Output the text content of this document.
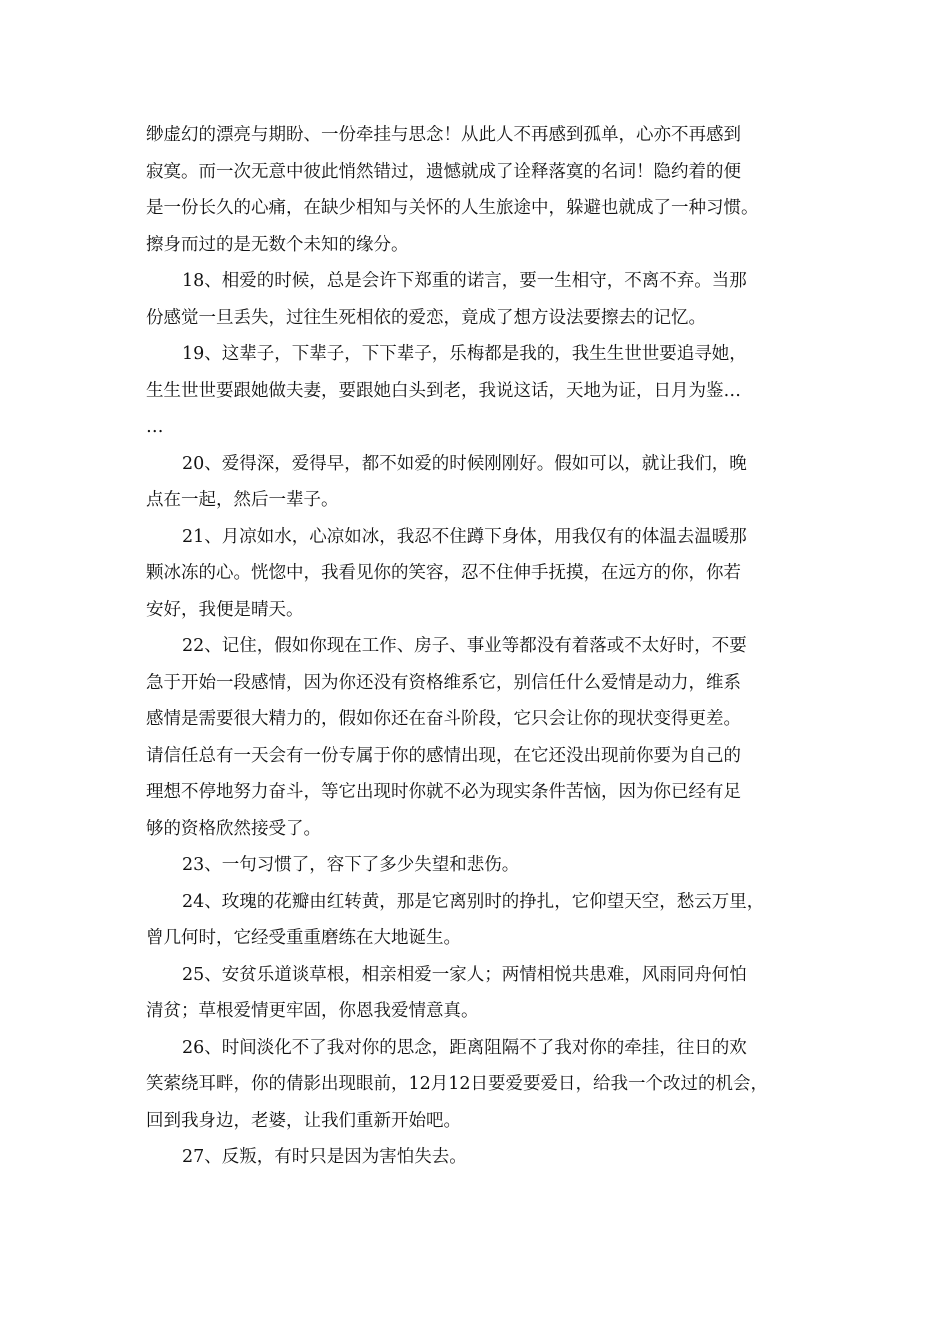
缈虚幻的漂亮与期盼、一份牵挂与思念！从此人不再感到孤单，心亦不再感到
寂寞。而一次无意中彼此悄然错过，遗憾就成了诠释落寞的名词！隐约着的便
是一份长久的心痛，在缺少相知与关怀的人生旅途中，躲避也就成了一种习惯。
擦身而过的是无数个未知的缘分。
18、相爱的时候，总是会许下郑重的诺言，要一生相守，不离不弃。当那
份感觉一旦丢失，过往生死相依的爱恋，竟成了想方设法要擦去的记忆。
19、这辈子，下辈子，下下辈子，乐梅都是我的，我生生世世要追寻她，
生生世世要跟她做夫妻，要跟她白头到老，我说这话，天地为证，日月为鉴…
…
20、爱得深，爱得早，都不如爱的时候刚刚好。假如可以，就让我们，晚
点在一起，然后一辈子。
21、月凉如水，心凉如冰，我忍不住蹲下身体，用我仅有的体温去温暖那
颗冰冻的心。恍惚中，我看见你的笑容，忍不住伸手抚摸，在远方的你，你若
安好，我便是晴天。
22、记住，假如你现在工作、房子、事业等都没有着落或不太好时，不要
急于开始一段感情，因为你还没有资格维系它，别信任什么爱情是动力，维系
感情是需要很大精力的，假如你还在奋斗阶段，它只会让你的现状变得更差。
请信任总有一天会有一份专属于你的感情出现，在它还没出现前你要为自己的
理想不停地努力奋斗，等它出现时你就不必为现实条件苦恼，因为你已经有足
够的资格欣然接受了。
23、一句习惯了，容下了多少失望和悲伤。
24、玫瑰的花瓣由红转黄，那是它离别时的挣扎，它仰望天空，愁云万里，
曾几何时，它经受重重磨练在大地诞生。
25、安贫乐道谈草根，相亲相爱一家人；两情相悦共患难，风雨同舟何怕
清贫；草根爱情更牢固，你恩我爱情意真。
26、时间淡化不了我对你的思念，距离阻隔不了我对你的牵挂，往日的欢
笑萦绕耳畔，你的倩影出现眼前，12月12日要爱要爱日，给我一个改过的机会，
回到我身边，老婆，让我们重新开始吧。
27、反叛，有时只是因为害怕失去。
